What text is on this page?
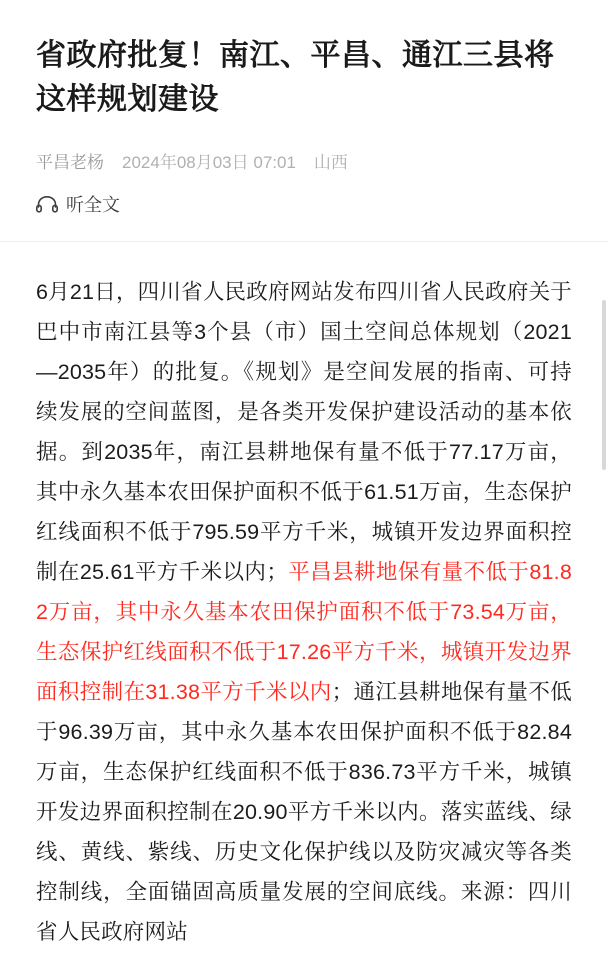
省政府批复！南江、平昌、通江三县将这样规划建设
平昌老杨 2024年08月03日 07:01 山西
听全文
6月21日，四川省人民政府网站发布四川省人民政府关于巴中市南江县等3个县（市）国土空间总体规划（2021—2035年）的批复。《规划》是空间发展的指南、可持续发展的空间蓝图，是各类开发保护建设活动的基本依据。到2035年，南江县耕地保有量不低于77.17万亩，其中永久基本农田保护面积不低于61.51万亩，生态保护红线面积不低于795.59平方千米，城镇开发边界面积控制在25.61平方千米以内；平昌县耕地保有量不低于81.82万亩，其中永久基本农田保护面积不低于73.54万亩，生态保护红线面积不低于17.26平方千米，城镇开发边界面积控制在31.38平方千米以内；通江县耕地保有量不低于96.39万亩，其中永久基本农田保护面积不低于82.84万亩，生态保护红线面积不低于836.73平方千米，城镇开发边界面积控制在20.90平方千米以内。落实蓝线、绿线、黄线、紫线、历史文化保护线以及防灾减灾等各类控制线，全面锚固高质量发展的空间底线。来源：四川省人民政府网站
